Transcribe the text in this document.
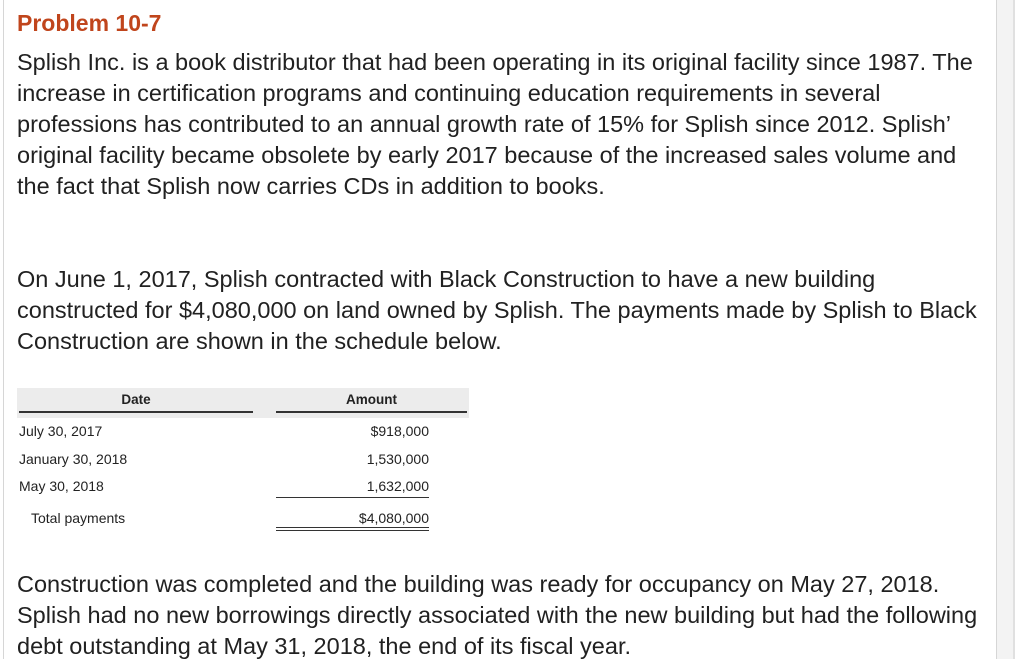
Problem 10-7

Splish Inc. is a book distributor that had been operating in its original facility since 1987. The increase in certification programs and continuing education requirements in several professions has contributed to an annual growth rate of 15% for Splish since 2012. Splish’ original facility became obsolete by early 2017 because of the increased sales volume and the fact that Splish now carries CDs in addition to books.

On June 1, 2017, Splish contracted with Black Construction to have a new building constructed for $4,080,000 on land owned by Splish. The payments made by Splish to Black Construction are shown in the schedule below.

Construction was completed and the building was ready for occupancy on May 27, 2018. Splish had no new borrowings directly associated with the new building but had the following debt outstanding at May 31, 2018, the end of its fiscal year.

Date	Amount
July 30, 2017	$918,000
January 30, 2018	1,530,000
May 30, 2018	1,632,000
Total payments	$4,080,000
